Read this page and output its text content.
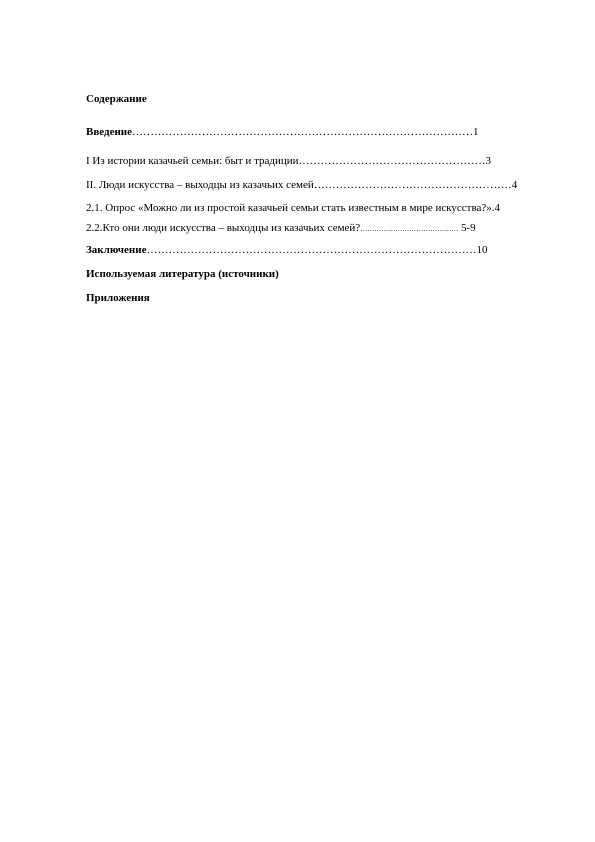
Содержание
Введение…………………………………………………………………………………1
I Из истории казачьей семьи: быт и традиции……………………………………………3
II. Люди искусства – выходцы из казачьих семей………………………………………………4
2.1. Опрос «Можно ли из простой казачьей семьи стать известным в мире искусства?».4
2.2.Кто они люди искусства – выходцы из казачьих семей?…………………………………… 5-9
Заключение………………………………………………………………………………10
Используемая литература (источники)
Приложения
